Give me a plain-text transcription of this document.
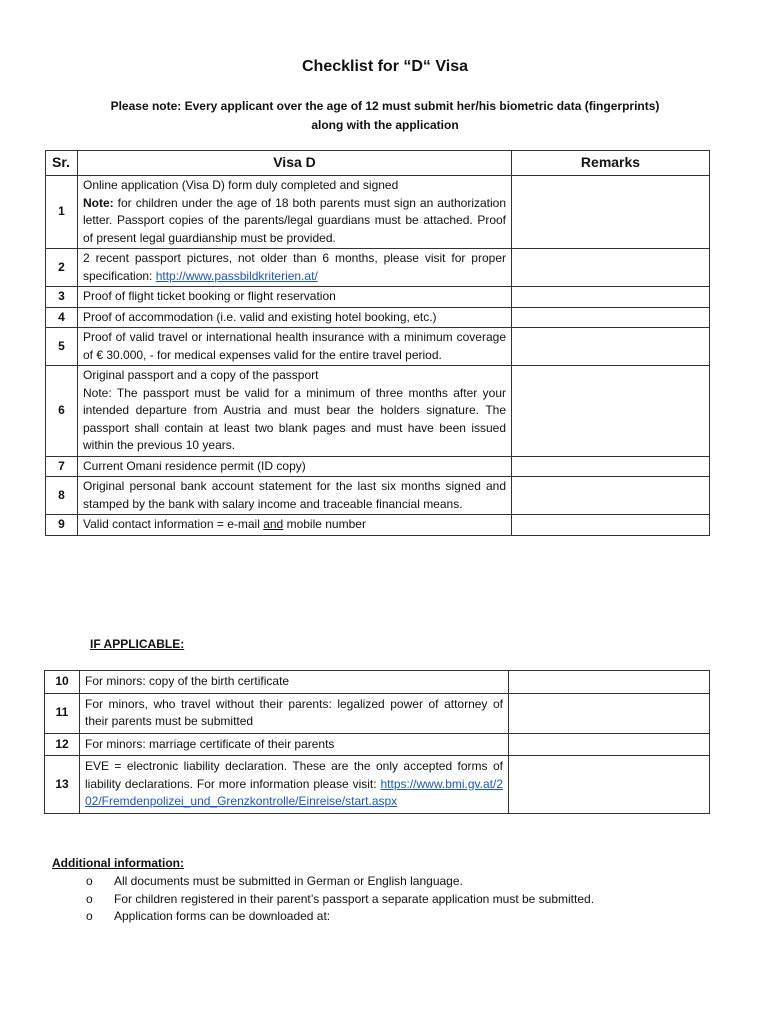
Checklist for “D“ Visa
Please note: Every applicant over the age of 12 must submit her/his biometric data (fingerprints) along with the application
Sr.	Visa D	Remarks
1	Online application (Visa D) form duly completed and signed
Note: for children under the age of 18 both parents must sign an authorization letter. Passport copies of the parents/legal guardians must be attached. Proof of present legal guardianship must be provided.	

2	2 recent passport pictures, not older than 6 months, please visit for proper specification: http://www.passbildkriterien.at/	
3	Proof of flight ticket booking or flight reservation	
4	Proof of accommodation (i.e. valid and existing hotel booking, etc.)	
5	Proof of valid travel or international health insurance with a minimum coverage of € 30.000, - for medical expenses valid for the entire travel period.	
6	Original passport and a copy of the passport
Note: The passport must be valid for a minimum of three months after your intended departure from Austria and must bear the holders signature. The passport shall contain at least two blank pages and must have been issued within the previous 10 years.	

7	Current Omani residence permit (ID copy)	
8	Original personal bank account statement for the last six months signed and stamped by the bank with salary income and traceable financial means.	
9	Valid contact information = e-mail and mobile number	
IF APPLICABLE:
10	For minors: copy of the birth certificate	
11	For minors, who travel without their parents: legalized power of attorney of their parents must be submitted	
12	For minors: marriage certificate of their parents	
13	EVE = electronic liability declaration. These are the only accepted forms of liability declarations. For more information please visit: https://www.bmi.gv.at/202/Fremdenpolizei_und_Grenzkontrolle/Einreise/start.aspx	
Additional information:
o	All documents must be submitted in German or English language.
o	For children registered in their parent’s passport a separate application must be submitted.
o	Application forms can be downloaded at:
